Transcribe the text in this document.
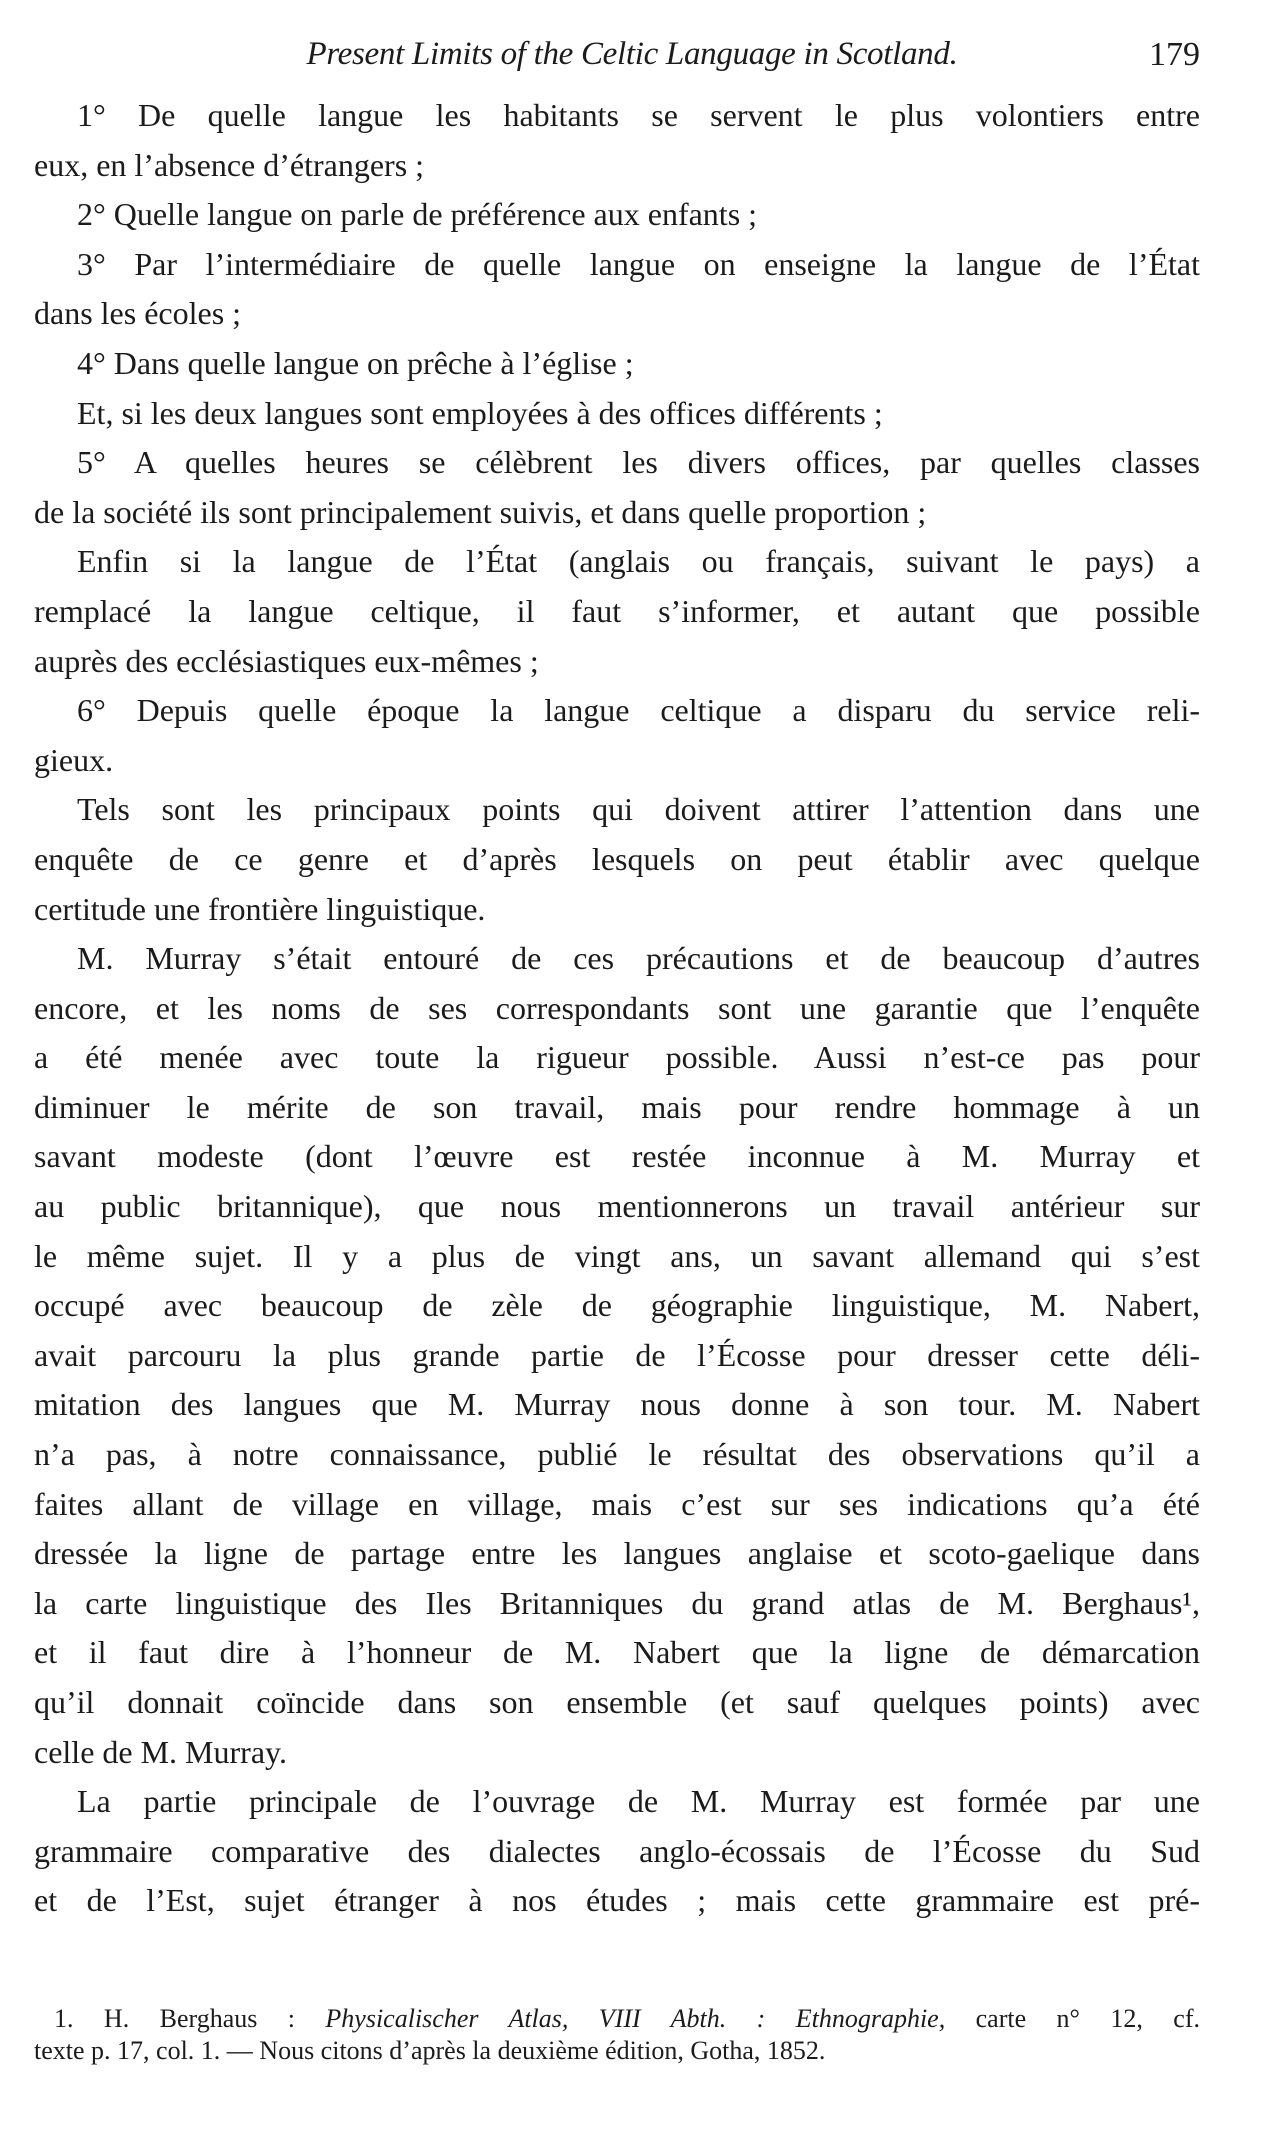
Present Limits of the Celtic Language in Scotland.	179
1° De quelle langue les habitants se servent le plus volontiers entre
eux, en l’absence d’étrangers ;
2° Quelle langue on parle de préférence aux enfants ;
3° Par l’intermédiaire de quelle langue on enseigne la langue de l’État
dans les écoles ;
4° Dans quelle langue on prêche à l’église ;
Et, si les deux langues sont employées à des offices différents ;
5° A quelles heures se célèbrent les divers offices, par quelles classes
de la société ils sont principalement suivis, et dans quelle proportion ;
Enfin si la langue de l’État (anglais ou français, suivant le pays) a
remplacé la langue celtique, il faut s’informer, et autant que possible
auprès des ecclésiastiques eux-mêmes ;
6° Depuis quelle époque la langue celtique a disparu du service reli-
gieux.
Tels sont les principaux points qui doivent attirer l’attention dans une
enquête de ce genre et d’après lesquels on peut établir avec quelque
certitude une frontière linguistique.
M. Murray s’était entouré de ces précautions et de beaucoup d’autres
encore, et les noms de ses correspondants sont une garantie que l’enquête
a été menée avec toute la rigueur possible. Aussi n’est-ce pas pour
diminuer le mérite de son travail, mais pour rendre hommage à un
savant modeste (dont l’œuvre est restée inconnue à M. Murray et
au public britannique), que nous mentionnerons un travail antérieur sur
le même sujet. Il y a plus de vingt ans, un savant allemand qui s’est
occupé avec beaucoup de zèle de géographie linguistique, M. Nabert,
avait parcouru la plus grande partie de l’Écosse pour dresser cette déli-
mitation des langues que M. Murray nous donne à son tour. M. Nabert
n’a pas, à notre connaissance, publié le résultat des observations qu’il a
faites allant de village en village, mais c’est sur ses indications qu’a été
dressée la ligne de partage entre les langues anglaise et scoto-gaelique dans
la carte linguistique des Iles Britanniques du grand atlas de M. Berghaus¹,
et il faut dire à l’honneur de M. Nabert que la ligne de démarcation
qu’il donnait coïncide dans son ensemble (et sauf quelques points) avec
celle de M. Murray.
La partie principale de l’ouvrage de M. Murray est formée par une
grammaire comparative des dialectes anglo-écossais de l’Écosse du Sud
et de l’Est, sujet étranger à nos études ; mais cette grammaire est pré-
1. H. Berghaus : Physicalischer Atlas, VIII Abth. : Ethnographie, carte n° 12, cf.
texte p. 17, col. 1. — Nous citons d’après la deuxième édition, Gotha, 1852.
